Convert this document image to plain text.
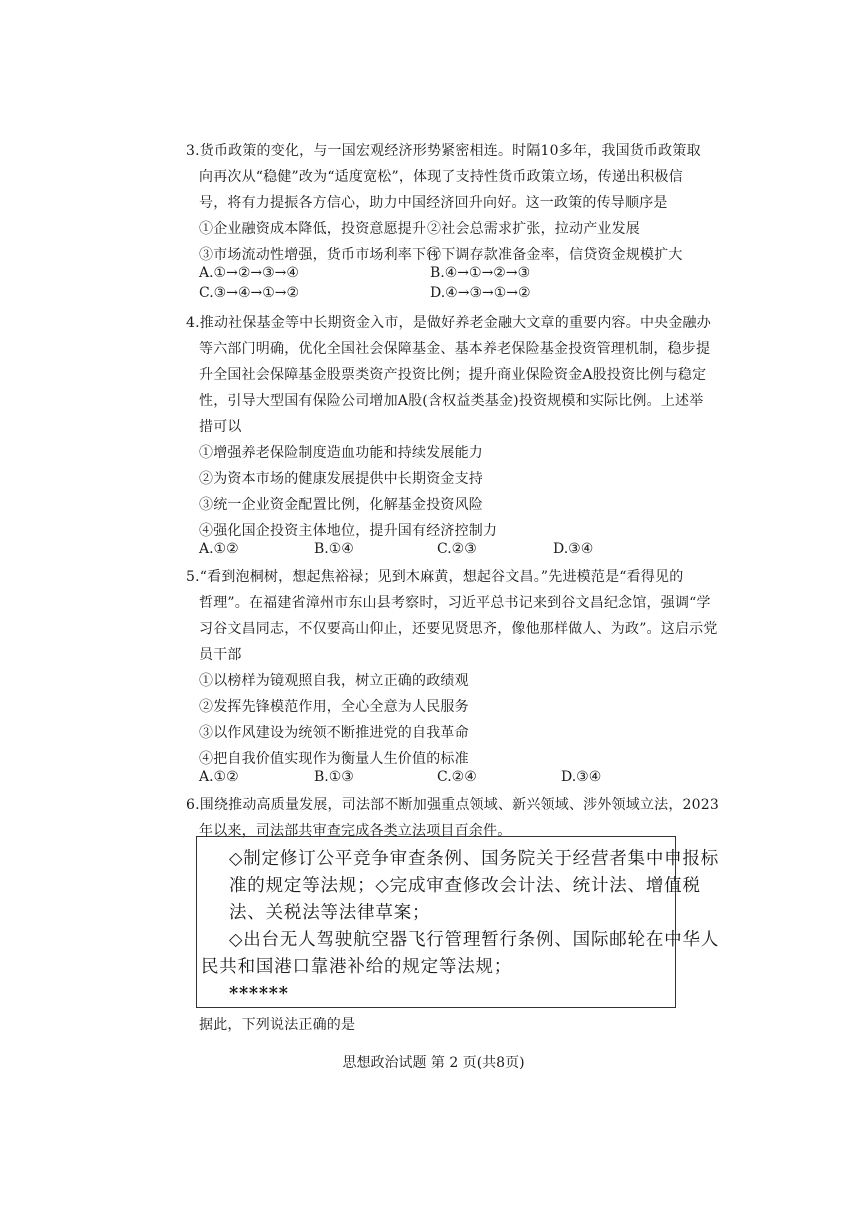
3.货币政策的变化，与一国宏观经济形势紧密相连。时隔10多年，我国货币政策取
向再次从“稳健”改为“适度宽松”，体现了支持性货币政策立场，传递出积极信
号，将有力提振各方信心，助力中国经济回升向好。这一政策的传导顺序是
①企业融资成本降低，投资意愿提升 ②社会总需求扩张，拉动产业发展
③市场流动性增强，货币市场利率下行
④下调存款准备金率，信贷资金规模扩大
A.①→②→③→④	B.④→①→②→③
C.③→④→①→②	D.④→③→①→②
4.推动社保基金等中长期资金入市，是做好养老金融大文章的重要内容。中央金融办
等六部门明确，优化全国社会保障基金、基本养老保险基金投资管理机制，稳步提
升全国社会保障基金股票类资产投资比例；提升商业保险资金A股投资比例与稳定
性，引导大型国有保险公司增加A股(含权益类基金)投资规模和实际比例。上述举
措可以
①增强养老保险制度造血功能和持续发展能力
②为资本市场的健康发展提供中长期资金支持
③统一企业资金配置比例，化解基金投资风险
④强化国企投资主体地位，提升国有经济控制力
A.①②	B.①④	C.②③	D.③④
5.“看到泡桐树，想起焦裕禄；见到木麻黄，想起谷文昌。”先进模范是“看得见的
哲理”。在福建省漳州市东山县考察时，习近平总书记来到谷文昌纪念馆，强调“学
习谷文昌同志，不仅要高山仰止，还要见贤思齐，像他那样做人、为政”。这启示党
员干部
①以榜样为镜观照自我，树立正确的政绩观
②发挥先锋模范作用，全心全意为人民服务
③以作风建设为统领不断推进党的自我革命
④把自我价值实现作为衡量人生价值的标准
A.①②	B.①③	C.②④	D.③④
6.围绕推动高质量发展，司法部不断加强重点领域、新兴领域、涉外领域立法，2023
年以来，司法部共审查完成各类立法项目百余件。
◇制定修订公平竞争审查条例、国务院关于经营者集中申报标
准的规定等法规；◇完成审查修改会计法、统计法、增值税
法、关税法等法律草案；
◇出台无人驾驶航空器飞行管理暂行条例、国际邮轮在中华人
民共和国港口靠港补给的规定等法规；
******
据此，下列说法正确的是
思想政治试题 第 2 页(共8页)
